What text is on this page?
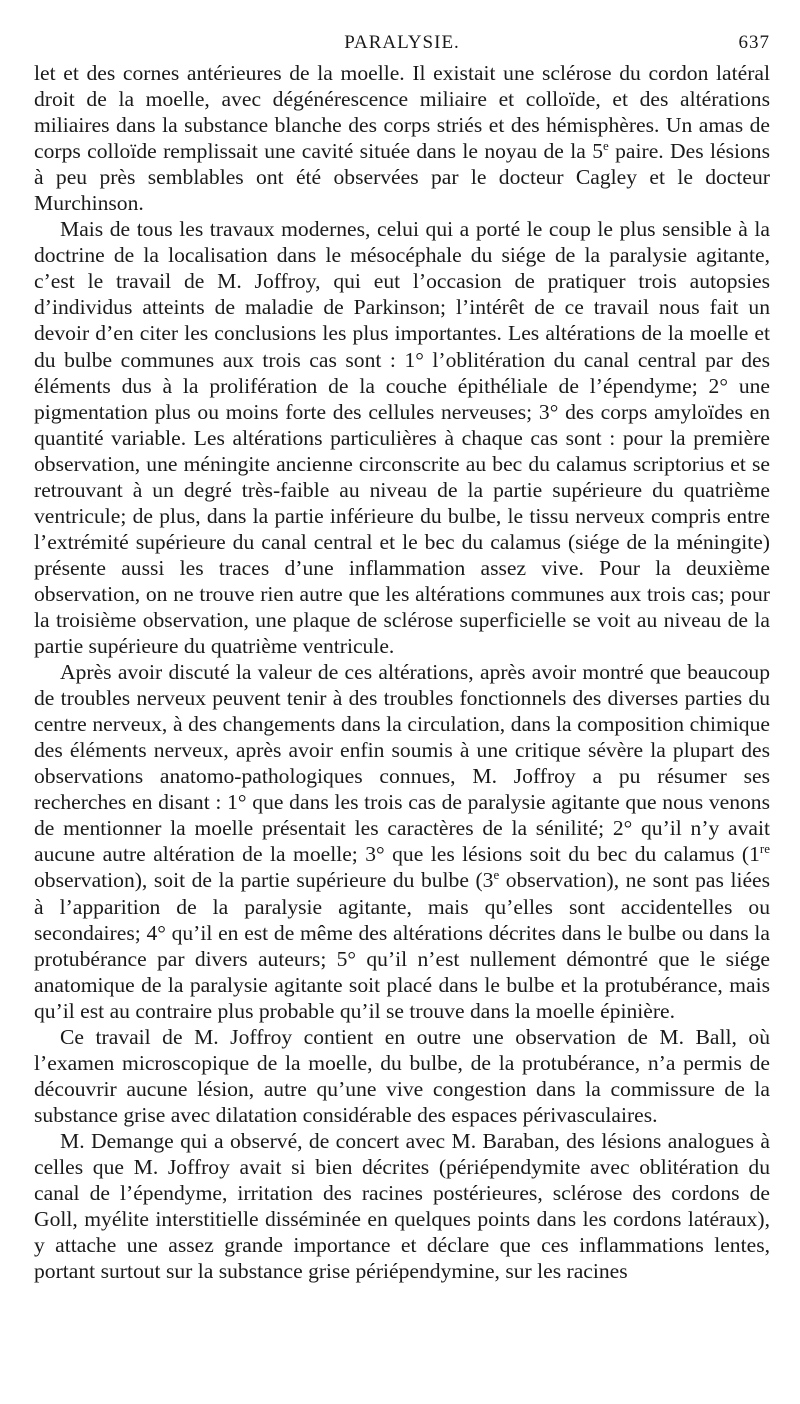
PARALYSIE.	637

let et des cornes antérieures de la moelle. Il existait une sclérose du cordon latéral droit de la moelle, avec dégénérescence miliaire et colloïde, et des altérations miliaires dans la substance blanche des corps striés et des hémisphères. Un amas de corps colloïde remplissait une cavité située dans le noyau de la 5e paire. Des lésions à peu près semblables ont été observées par le docteur Cagley et le docteur Murchinson.

Mais de tous les travaux modernes, celui qui a porté le coup le plus sensible à la doctrine de la localisation dans le mésocéphale du siége de la paralysie agitante, c’est le travail de M. Joffroy, qui eut l’occasion de pratiquer trois autopsies d’individus atteints de maladie de Parkinson; l’intérêt de ce travail nous fait un devoir d’en citer les conclusions les plus importantes. Les altérations de la moelle et du bulbe communes aux trois cas sont : 1° l’oblitération du canal central par des éléments dus à la prolifération de la couche épithéliale de l’épendyme; 2° une pigmentation plus ou moins forte des cellules nerveuses; 3° des corps amyloïdes en quantité variable. Les altérations particulières à chaque cas sont : pour la première observation, une méningite ancienne circonscrite au bec du calamus scriptorius et se retrouvant à un degré très-faible au niveau de la partie supérieure du quatrième ventricule; de plus, dans la partie inférieure du bulbe, le tissu nerveux compris entre l’extrémité supérieure du canal central et le bec du calamus (siége de la méningite) présente aussi les traces d’une inflammation assez vive. Pour la deuxième observation, on ne trouve rien autre que les altérations communes aux trois cas; pour la troisième observation, une plaque de sclérose superficielle se voit au niveau de la partie supérieure du quatrième ventricule.

Après avoir discuté la valeur de ces altérations, après avoir montré que beaucoup de troubles nerveux peuvent tenir à des troubles fonctionnels des diverses parties du centre nerveux, à des changements dans la circulation, dans la composition chimique des éléments nerveux, après avoir enfin soumis à une critique sévère la plupart des observations anatomo-pathologiques connues, M. Joffroy a pu résumer ses recherches en disant : 1° que dans les trois cas de paralysie agitante que nous venons de mentionner la moelle présentait les caractères de la sénilité; 2° qu’il n’y avait aucune autre altération de la moelle; 3° que les lésions soit du bec du calamus (1re observation), soit de la partie supérieure du bulbe (3e observation), ne sont pas liées à l’apparition de la paralysie agitante, mais qu’elles sont accidentelles ou secondaires; 4° qu’il en est de même des altérations décrites dans le bulbe ou dans la protubérance par divers auteurs; 5° qu’il n’est nullement démontré que le siége anatomique de la paralysie agitante soit placé dans le bulbe et la protubérance, mais qu’il est au contraire plus probable qu’il se trouve dans la moelle épinière.

Ce travail de M. Joffroy contient en outre une observation de M. Ball, où l’examen microscopique de la moelle, du bulbe, de la protubérance, n’a permis de découvrir aucune lésion, autre qu’une vive congestion dans la commissure de la substance grise avec dilatation considérable des espaces périvasculaires.

M. Demange qui a observé, de concert avec M. Baraban, des lésions analogues à celles que M. Joffroy avait si bien décrites (périépendymite avec oblitération du canal de l’épendyme, irritation des racines postérieures, sclérose des cordons de Goll, myélite interstitielle disséminée en quelques points dans les cordons latéraux), y attache une assez grande importance et déclare que ces inflammations lentes, portant surtout sur la substance grise périépendymine, sur les racines
